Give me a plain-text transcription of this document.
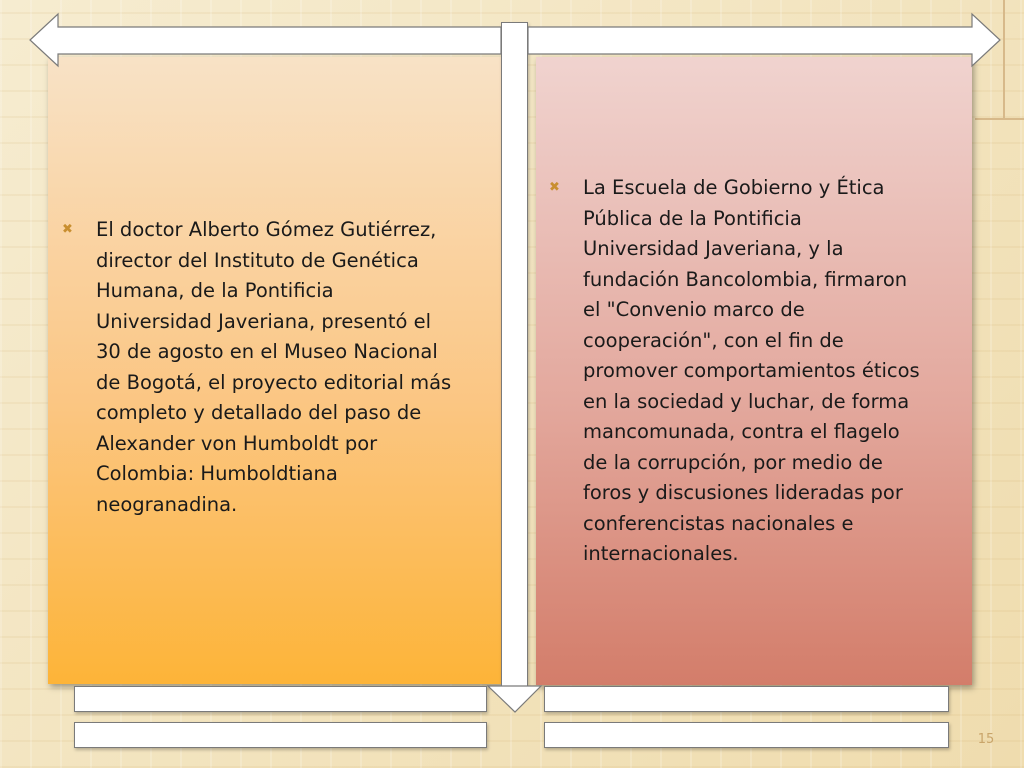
✖	El doctor Alberto Gómez Gutiérrez,
director del Instituto de Genética
Humana, de la Pontificia
Universidad Javeriana, presentó el
30 de agosto en el Museo Nacional
de Bogotá, el proyecto editorial más
completo y detallado del paso de
Alexander von Humboldt por
Colombia: Humboldtiana
neogranadina.
✖	La Escuela de Gobierno y Ética
Pública de la Pontificia
Universidad Javeriana, y la
fundación Bancolombia, firmaron
el "Convenio marco de
cooperación", con el fin de
promover comportamientos éticos
en la sociedad y luchar, de forma
mancomunada, contra el flagelo
de la corrupción, por medio de
foros y discusiones lideradas por
conferencistas nacionales e
internacionales.
15
